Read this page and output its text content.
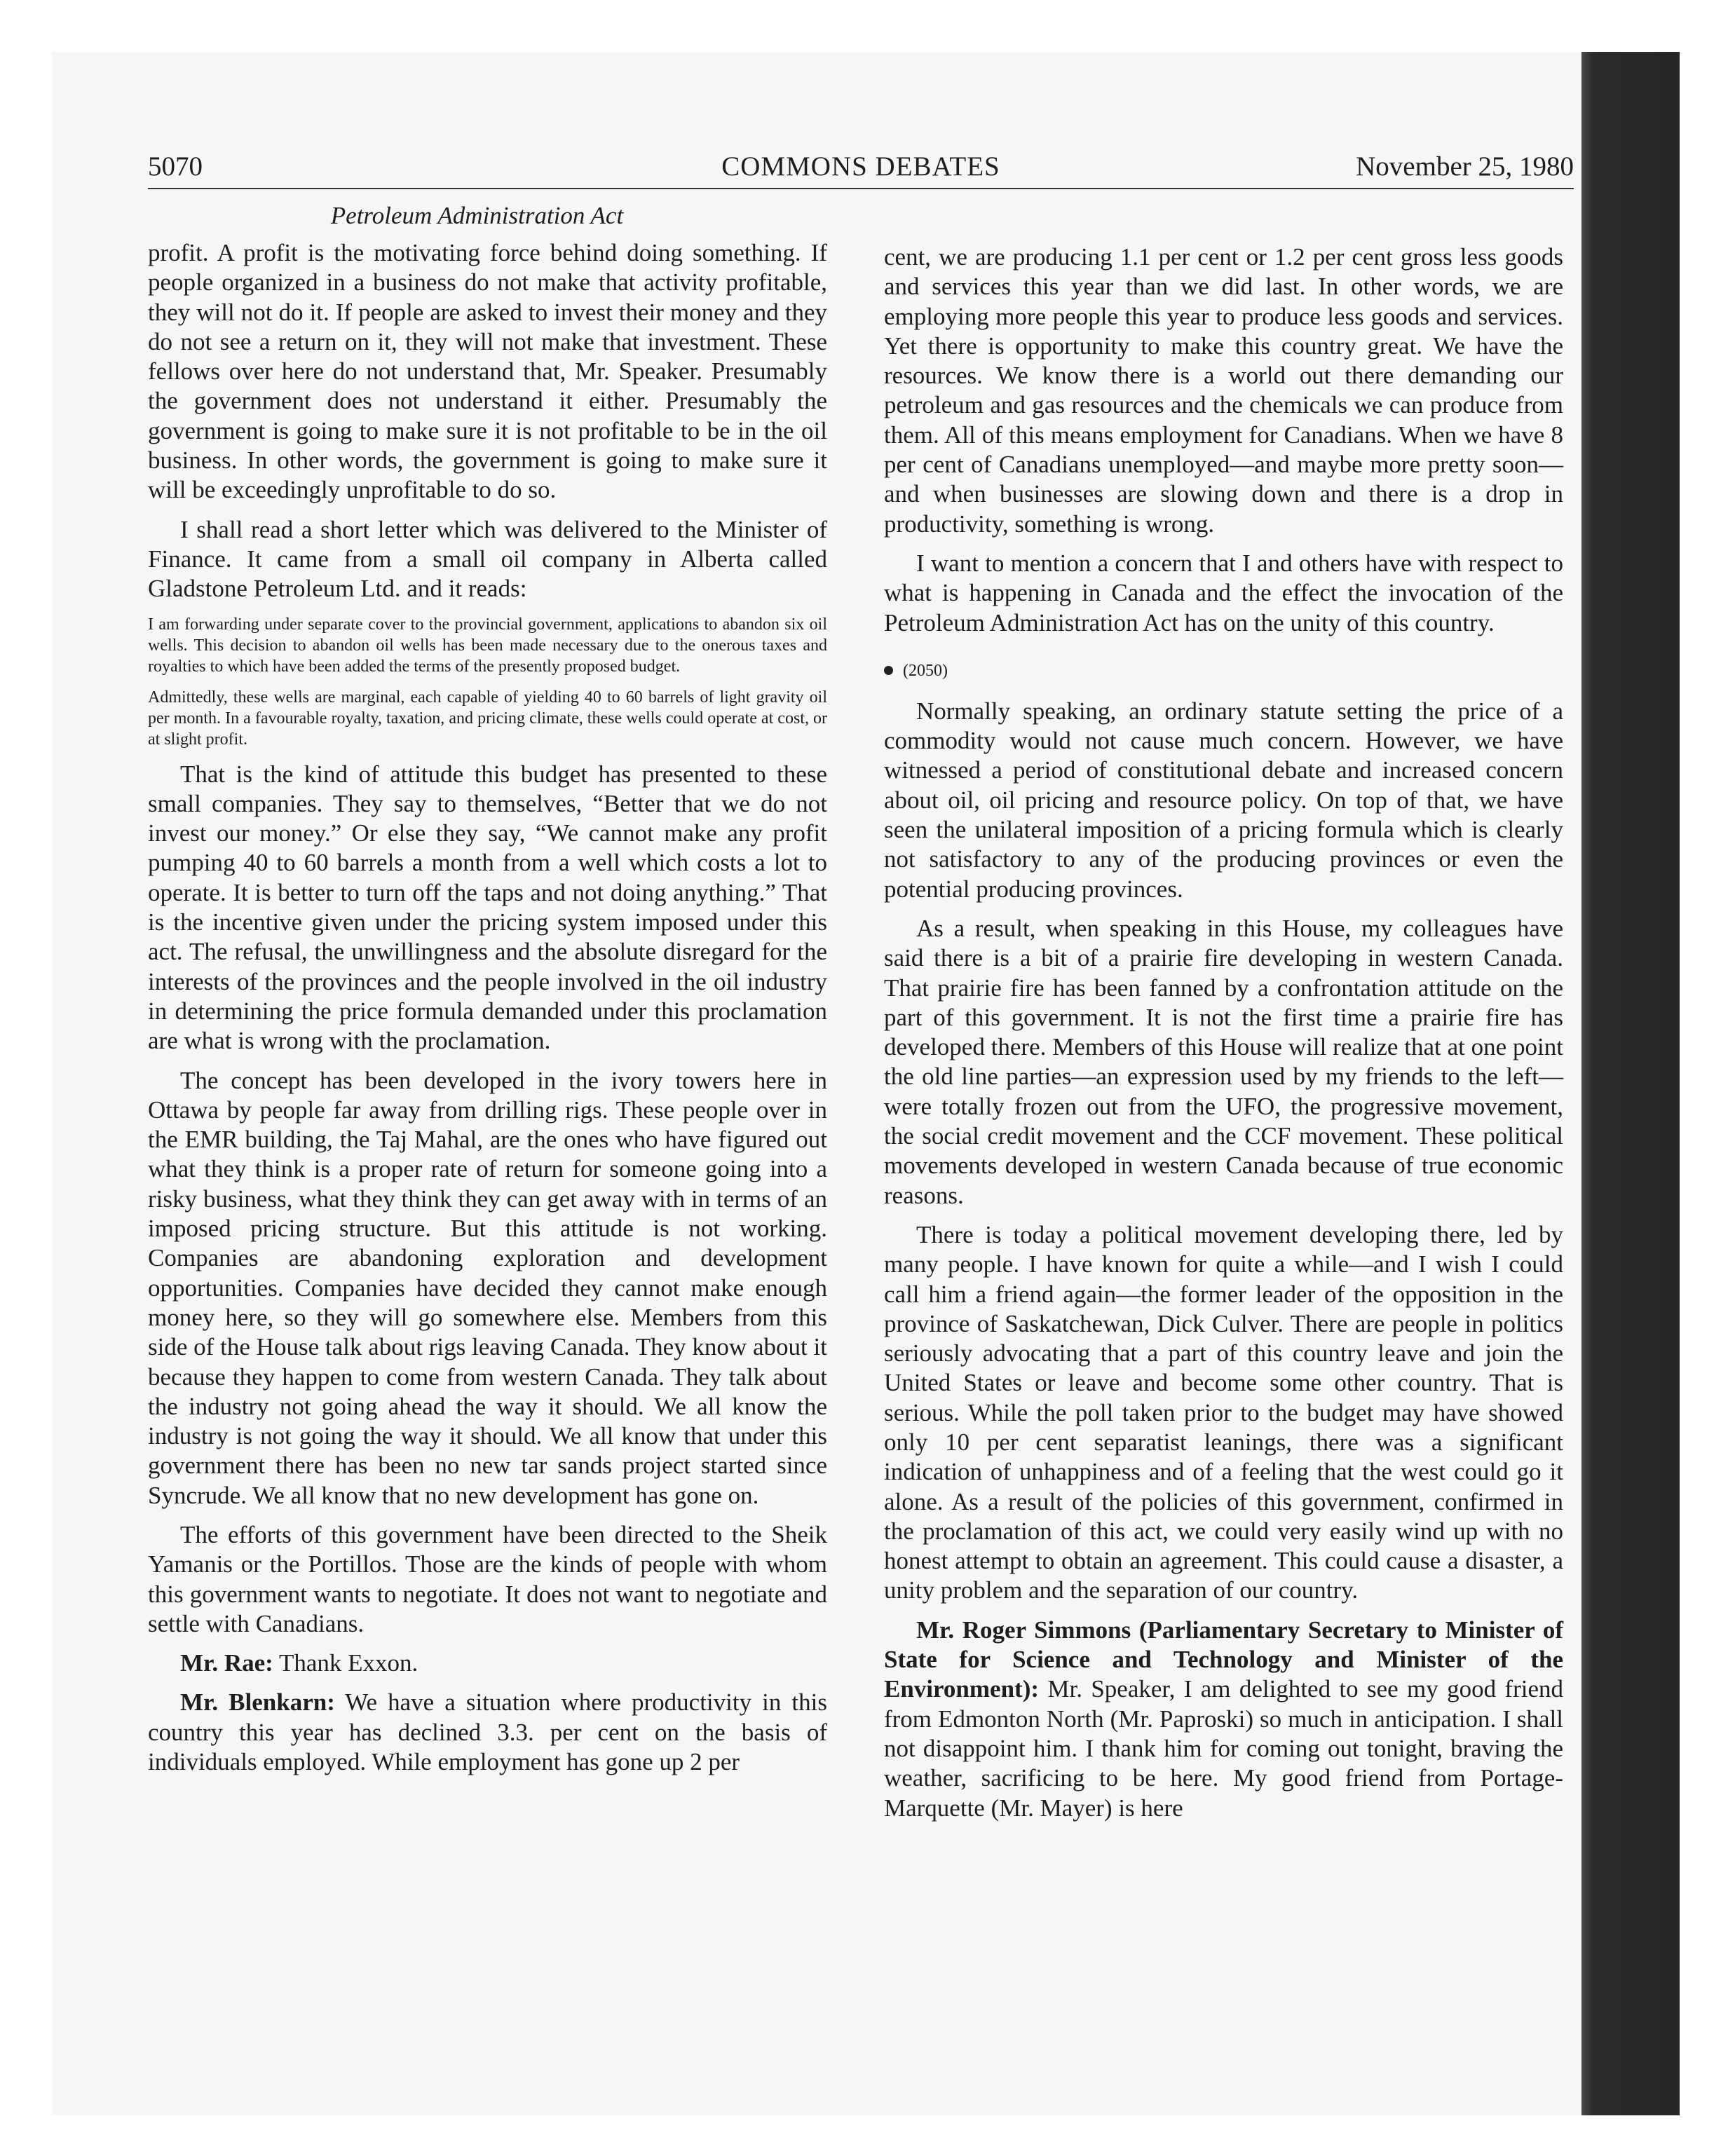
5070	COMMONS DEBATES	November 25, 1980
Petroleum Administration Act

profit. A profit is the motivating force behind doing something. If people organized in a business do not make that activity profitable, they will not do it. If people are asked to invest their money and they do not see a return on it, they will not make that investment. These fellows over here do not understand that, Mr. Speaker. Presumably the government does not understand it either. Presumably the government is going to make sure it is not profitable to be in the oil business. In other words, the government is going to make sure it will be exceedingly unprofitable to do so.

I shall read a short letter which was delivered to the Minister of Finance. It came from a small oil company in Alberta called Gladstone Petroleum Ltd. and it reads:

I am forwarding under separate cover to the provincial government, applications to abandon six oil wells. This decision to abandon oil wells has been made necessary due to the onerous taxes and royalties to which have been added the terms of the presently proposed budget.

Admittedly, these wells are marginal, each capable of yielding 40 to 60 barrels of light gravity oil per month. In a favourable royalty, taxation, and pricing climate, these wells could operate at cost, or at slight profit.

That is the kind of attitude this budget has presented to these small companies. They say to themselves, “Better that we do not invest our money.” Or else they say, “We cannot make any profit pumping 40 to 60 barrels a month from a well which costs a lot to operate. It is better to turn off the taps and not doing anything.” That is the incentive given under the pricing system imposed under this act. The refusal, the unwillingness and the absolute disregard for the interests of the provinces and the people involved in the oil industry in determining the price formula demanded under this proclamation are what is wrong with the proclamation.

The concept has been developed in the ivory towers here in Ottawa by people far away from drilling rigs. These people over in the EMR building, the Taj Mahal, are the ones who have figured out what they think is a proper rate of return for someone going into a risky business, what they think they can get away with in terms of an imposed pricing structure. But this attitude is not working. Companies are abandoning exploration and development opportunities. Companies have decided they cannot make enough money here, so they will go somewhere else. Members from this side of the House talk about rigs leaving Canada. They know about it because they happen to come from western Canada. They talk about the industry not going ahead the way it should. We all know the industry is not going the way it should. We all know that under this government there has been no new tar sands project started since Syncrude. We all know that no new development has gone on.

The efforts of this government have been directed to the Sheik Yamanis or the Portillos. Those are the kinds of people with whom this government wants to negotiate. It does not want to negotiate and settle with Canadians.

Mr. Rae: Thank Exxon.

Mr. Blenkarn: We have a situation where productivity in this country this year has declined 3.3. per cent on the basis of individuals employed. While employment has gone up 2 per

cent, we are producing 1.1 per cent or 1.2 per cent gross less goods and services this year than we did last. In other words, we are employing more people this year to produce less goods and services. Yet there is opportunity to make this country great. We have the resources. We know there is a world out there demanding our petroleum and gas resources and the chemicals we can produce from them. All of this means employment for Canadians. When we have 8 per cent of Canadians unemployed—and maybe more pretty soon—and when businesses are slowing down and there is a drop in productivity, something is wrong.

I want to mention a concern that I and others have with respect to what is happening in Canada and the effect the invocation of the Petroleum Administration Act has on the unity of this country.

(2050)

Normally speaking, an ordinary statute setting the price of a commodity would not cause much concern. However, we have witnessed a period of constitutional debate and increased concern about oil, oil pricing and resource policy. On top of that, we have seen the unilateral imposition of a pricing formula which is clearly not satisfactory to any of the producing provinces or even the potential producing provinces.

As a result, when speaking in this House, my colleagues have said there is a bit of a prairie fire developing in western Canada. That prairie fire has been fanned by a confrontation attitude on the part of this government. It is not the first time a prairie fire has developed there. Members of this House will realize that at one point the old line parties—an expression used by my friends to the left—were totally frozen out from the UFO, the progressive movement, the social credit movement and the CCF movement. These political movements developed in western Canada because of true economic reasons.

There is today a political movement developing there, led by many people. I have known for quite a while—and I wish I could call him a friend again—the former leader of the opposition in the province of Saskatchewan, Dick Culver. There are people in politics seriously advocating that a part of this country leave and join the United States or leave and become some other country. That is serious. While the poll taken prior to the budget may have showed only 10 per cent separatist leanings, there was a significant indication of unhappiness and of a feeling that the west could go it alone. As a result of the policies of this government, confirmed in the proclamation of this act, we could very easily wind up with no honest attempt to obtain an agreement. This could cause a disaster, a unity problem and the separation of our country.

Mr. Roger Simmons (Parliamentary Secretary to Minister of State for Science and Technology and Minister of the Environment): Mr. Speaker, I am delighted to see my good friend from Edmonton North (Mr. Paproski) so much in anticipation. I shall not disappoint him. I thank him for coming out tonight, braving the weather, sacrificing to be here. My good friend from Portage-Marquette (Mr. Mayer) is here
